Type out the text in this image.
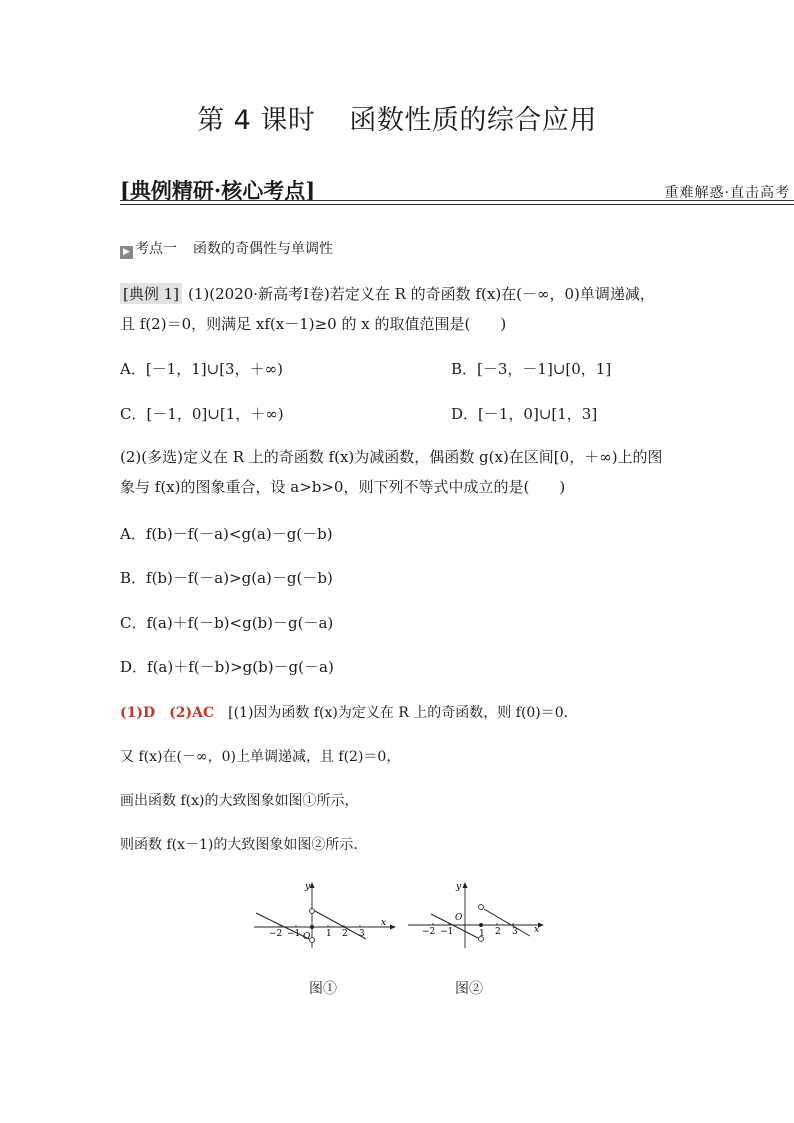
第 4 课时 函数性质的综合应用
[典例精研·核心考点]	重难解惑·直击高考
▶ 考点一 函数的奇偶性与单调性
[典例 1] (1)(2020·新高考Ⅰ卷)若定义在 R 的奇函数 f(x)在(－∞，0)单调递减，
且 f(2)＝0，则满足 xf(x－1)≥0 的 x 的取值范围是(　　)
A．[－1，1]∪[3，＋∞)	B．[－3，－1]∪[0，1]
C．[－1，0]∪[1，＋∞)	D．[－1，0]∪[1，3]
(2)(多选)定义在 R 上的奇函数 f(x)为减函数，偶函数 g(x)在区间[0，＋∞)上的图
象与 f(x)的图象重合，设 a>b>0，则下列不等式中成立的是(　　)
A．f(b)－f(－a)<g(a)－g(－b)
B．f(b)－f(－a)>g(a)－g(－b)
C．f(a)＋f(－b)<g(b)－g(－a)
D．f(a)＋f(－b)>g(b)－g(－a)
(1)D　(2)AC　 [(1)因为函数 f(x)为定义在 R 上的奇函数，则 f(0)＝0.
又 f(x)在(－∞，0)上单调递减，且 f(2)＝0，
画出函数 f(x)的大致图象如图①所示，
则函数 f(x－1)的大致图象如图②所示.
−2 −1	1 2 3
O
x
y
−2 −1	1 2 3
O
x
y
图①	图②
